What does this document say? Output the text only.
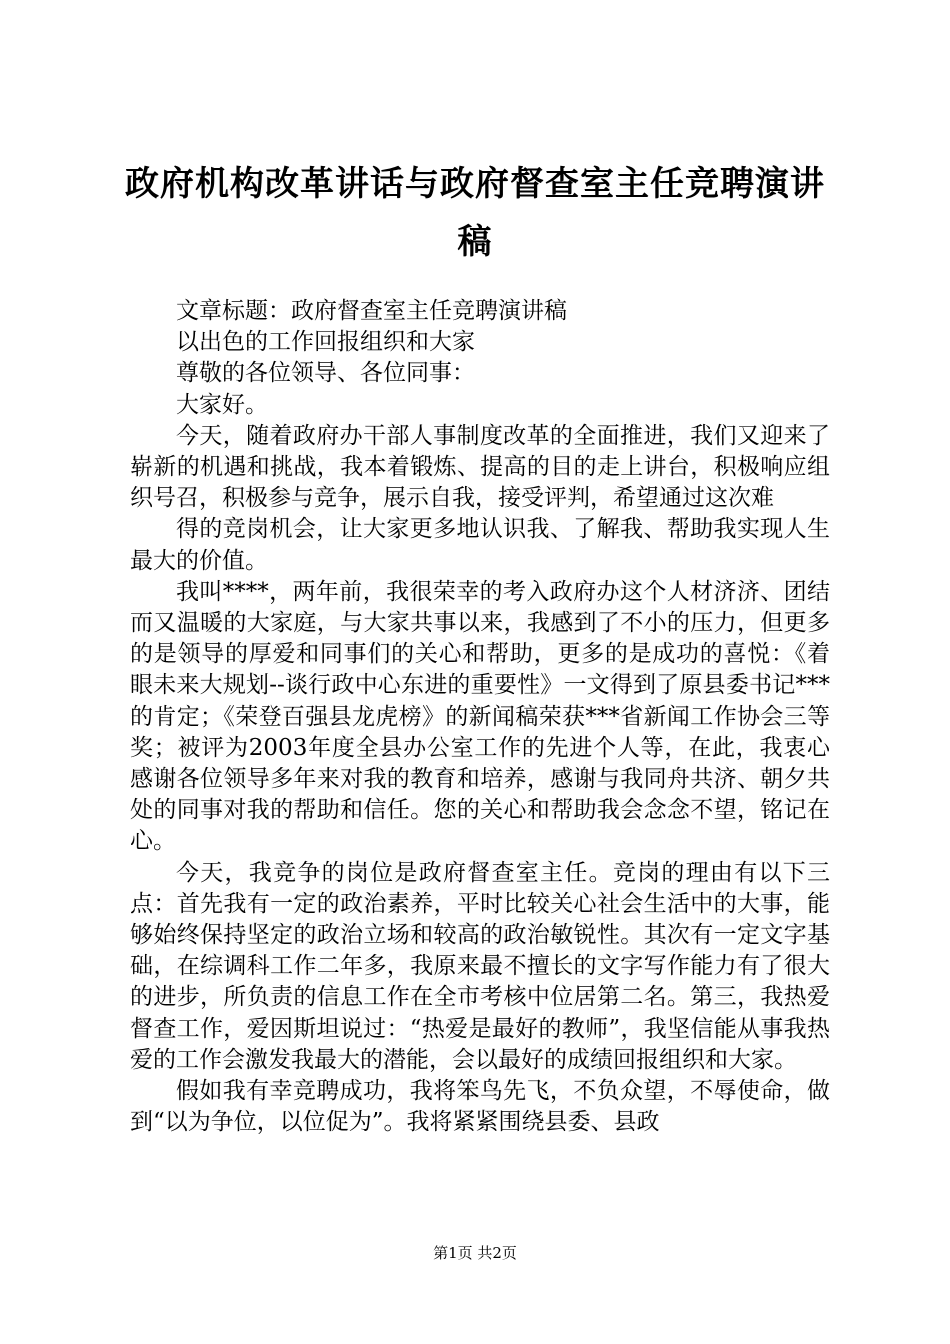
政府机构改革讲话与政府督查室主任竞聘演讲稿

文章标题：政府督查室主任竞聘演讲稿

以出色的工作回报组织和大家

尊敬的各位领导、各位同事：

大家好。

今天，随着政府办干部人事制度改革的全面推进，我们又迎来了崭新的机遇和挑战，我本着锻炼、提高的目的走上讲台，积极响应组织号召，积极参与竞争，展示自我，接受评判，希望通过这次难

得的竞岗机会，让大家更多地认识我、了解我、帮助我实现人生最大的价值。

我叫****，两年前，我很荣幸的考入政府办这个人材济济、团结而又温暖的大家庭，与大家共事以来，我感到了不小的压力，但更多的是领导的厚爱和同事们的关心和帮助，更多的是成功的喜悦：《着眼未来大规划--谈行政中心东进的重要性》一文得到了原县委书记***的肯定；《荣登百强县龙虎榜》的新闻稿荣获***省新闻工作协会三等奖；被评为2003年度全县办公室工作的先进个人等，在此，我衷心感谢各位领导多年来对我的教育和培养，感谢与我同舟共济、朝夕共处的同事对我的帮助和信任。您的关心和帮助我会念念不望，铭记在心。

今天，我竞争的岗位是政府督查室主任。竞岗的理由有以下三点：首先我有一定的政治素养，平时比较关心社会生活中的大事，能够始终保持坚定的政治立场和较高的政治敏锐性。其次有一定文字基础，在综调科工作二年多，我原来最不擅长的文字写作能力有了很大的进步，所负责的信息工作在全市考核中位居第二名。第三，我热爱督查工作，爱因斯坦说过：“热爱是最好的教师”，我坚信能从事我热爱的工作会激发我最大的潜能，会以最好的成绩回报组织和大家。

假如我有幸竞聘成功，我将笨鸟先飞，不负众望，不辱使命，做到“以为争位，以位促为”。我将紧紧围绕县委、县政

第1页 共2页
